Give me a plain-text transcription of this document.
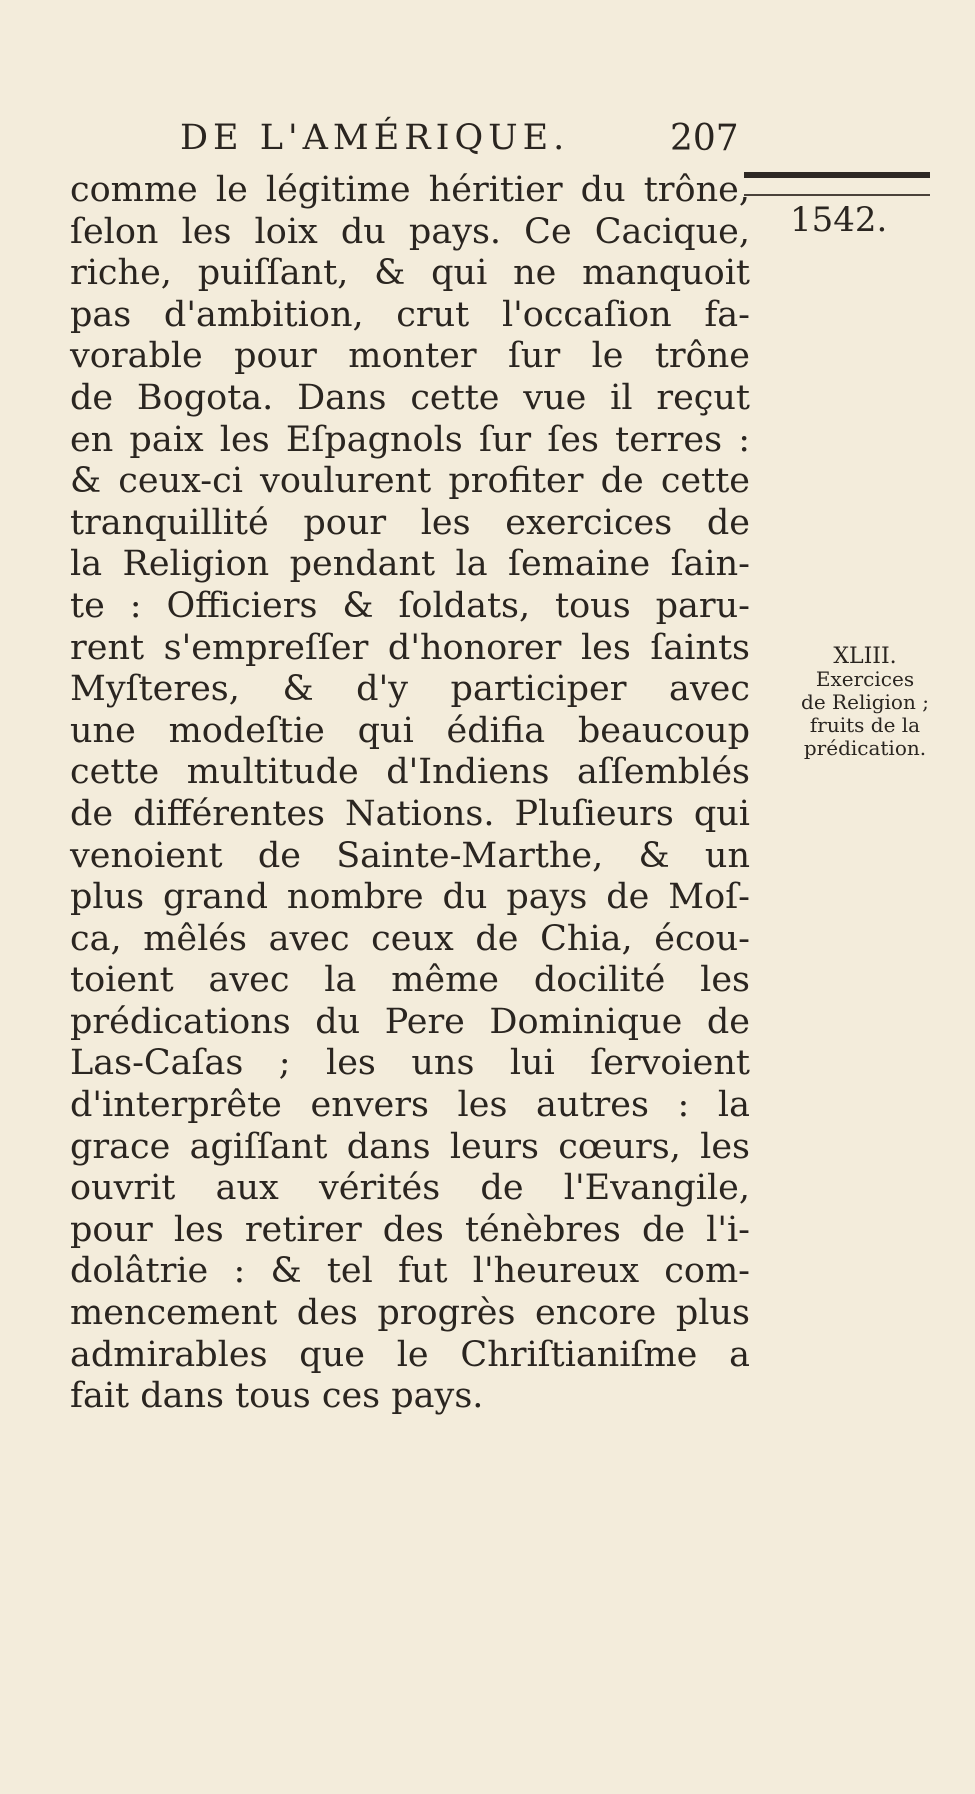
DE L'AMÉRIQUE.	207
1542.
comme le légitime héritier du trône,
ſelon les loix du pays. Ce Cacique,
riche, puiſſant, & qui ne manquoit
pas d'ambition, crut l'occaſion fa-
vorable pour monter ſur le trône
de Bogota. Dans cette vue il reçut
en paix les Eſpagnols ſur ſes terres :
& ceux-ci voulurent profiter de cette
tranquillité pour les exercices de
la Religion pendant la ſemaine ſain-
te : Officiers & ſoldats, tous paru-
rent s'empreſſer d'honorer les ſaints
Myſteres, & d'y participer avec
une modeſtie qui édifia beaucoup
cette multitude d'Indiens aſſemblés
de différentes Nations. Pluſieurs qui
venoient de Sainte-Marthe, & un
plus grand nombre du pays de Moſ-
ca, mêlés avec ceux de Chia, écou-
toient avec la même docilité les
prédications du Pere Dominique de
Las-Caſas ; les uns lui ſervoient
d'interprête envers les autres : la
grace agiſſant dans leurs cœurs, les
ouvrit aux vérités de l'Evangile,
pour les retirer des ténèbres de l'i-
dolâtrie : & tel fut l'heureux com-
mencement des progrès encore plus
admirables que le Chriſtianiſme a
fait dans tous ces pays.
XLIII.
Exercices
de Religion ;
fruits de la
prédication.
